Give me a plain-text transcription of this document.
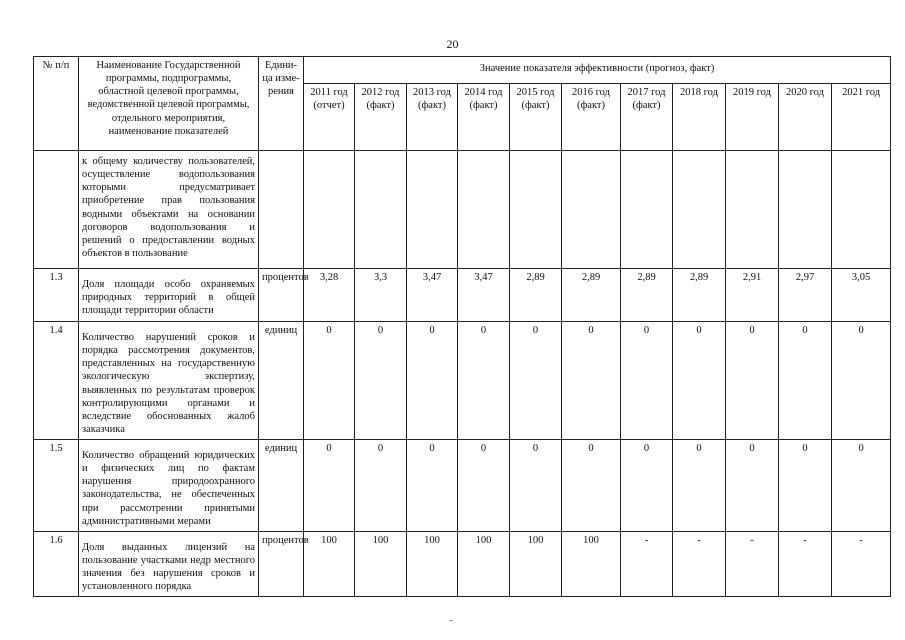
20
№ п/п	Наименование Государственной программы, подпрограммы, областной целевой программы, ведомственной целевой программы, отдельного мероприятия, наименование показателей	Едини-ца изме-рения	Значение показателя эффективности (прогноз, факт)										
			2011 год (отчет)	2012 год (факт)	2013 год (факт)	2014 год (факт)	2015 год (факт)	2016 год (факт)	2017 год (факт)	2018 год	2019 год	2020 год	2021 год
	к общему количеству пользователей, осуществление водопользования которыми предусматривает приобретение прав пользования водными объектами на основании договоров водопользования и решений о предоставлении водных объектов в пользование												
1.3	Доля площади особо охраняемых природных территорий в общей площади территории области	процентов	3,28	3,3	3,47	3,47	2,89	2,89	2,89	2,89	2,91	2,97	3,05
1.4	Количество нарушений сроков и порядка рассмотрения документов, представленных на государственную экологическую экспертизу, выявленных по результатам проверок контролирующими органами и вследствие обоснованных жалоб заказчика	единиц	0	0	0	0	0	0	0	0	0	0	0
1.5	Количество обращений юридических и физических лиц по фактам нарушения природоохранного законодательства, не обеспеченных при рассмотрении принятыми административными мерами	единиц	0	0	0	0	0	0	0	0	0	0	0
1.6	Доля выданных лицензий на пользование участками недр местного значения без нарушения сроков и установленного порядка	процентов	100	100	100	100	100	100	-	-	-	-	-
